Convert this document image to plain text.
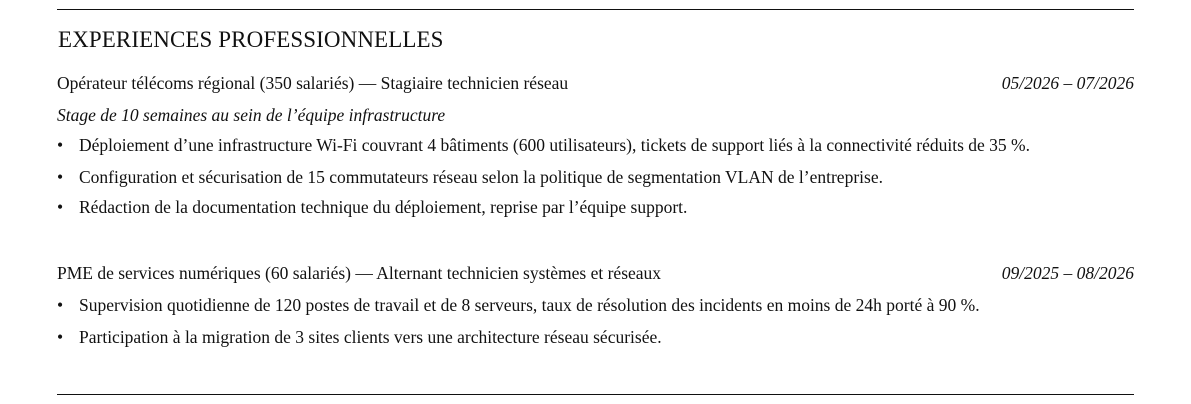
EXPERIENCES PROFESSIONNELLES
Opérateur télécoms régional (350 salariés) — Stagiaire technicien réseau	05/2026 – 07/2026
Stage de 10 semaines au sein de l’équipe infrastructure
• Déploiement d’une infrastructure Wi-Fi couvrant 4 bâtiments (600 utilisateurs), tickets de support liés à la connectivité réduits de 35 %.
• Configuration et sécurisation de 15 commutateurs réseau selon la politique de segmentation VLAN de l’entreprise.
• Rédaction de la documentation technique du déploiement, reprise par l’équipe support.
PME de services numériques (60 salariés) — Alternant technicien systèmes et réseaux	09/2025 – 08/2026
• Supervision quotidienne de 120 postes de travail et de 8 serveurs, taux de résolution des incidents en moins de 24h porté à 90 %.
• Participation à la migration de 3 sites clients vers une architecture réseau sécurisée.
